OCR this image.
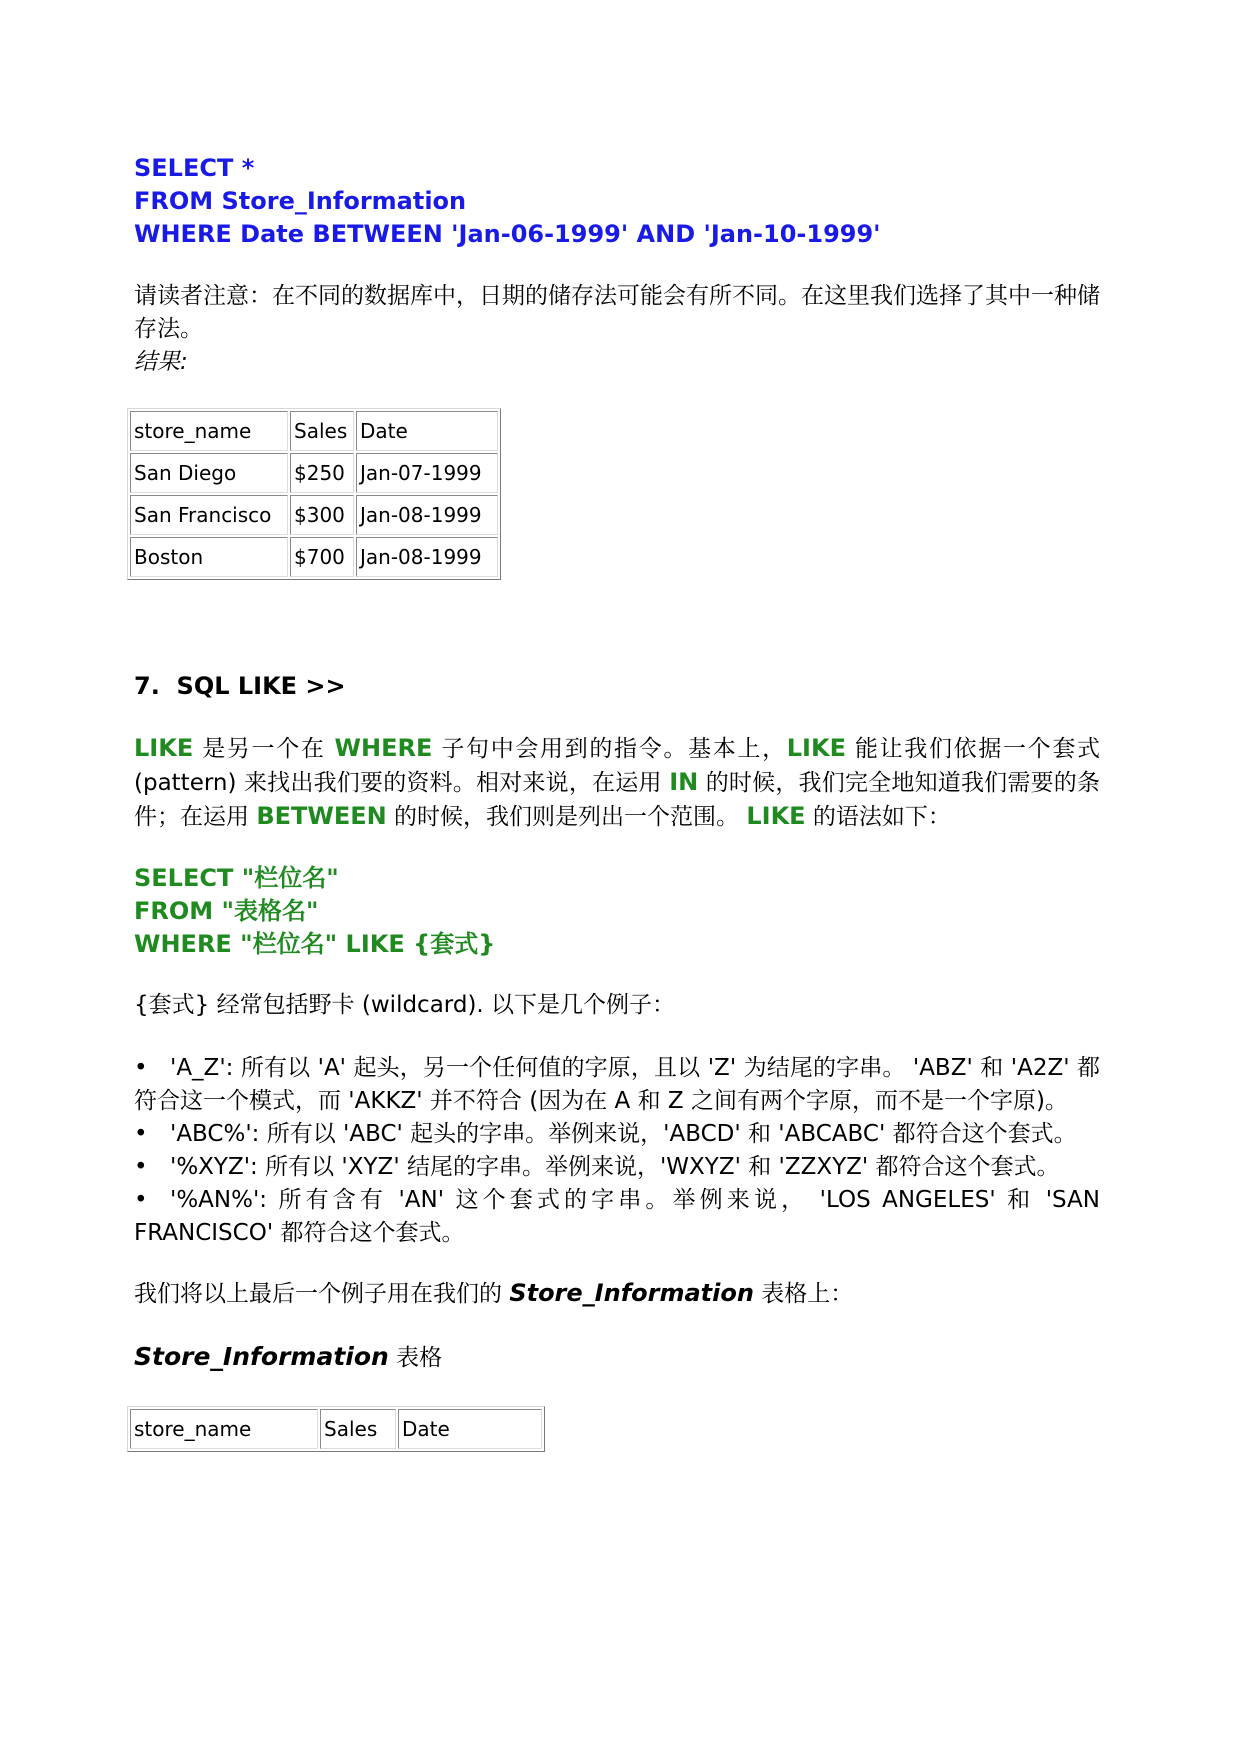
SELECT *
FROM Store_Information
WHERE Date BETWEEN 'Jan-06-1999' AND 'Jan-10-1999'

请读者注意：在不同的数据库中，日期的储存法可能会有所不同。在这里我们选择了其中一种储存法。

结果:

store_name	Sales	Date
San Diego	$250	Jan-07-1999
San Francisco	$300	Jan-08-1999
Boston	$700	Jan-08-1999
7.  SQL LIKE >>

LIKE 是另一个在 WHERE 子句中会用到的指令。基本上，LIKE 能让我们依据一个套式 (pattern) 来找出我们要的资料。相对来说，在运用 IN 的时候，我们完全地知道我们需要的条件；在运用 BETWEEN 的时候，我们则是列出一个范围。 LIKE 的语法如下：

SELECT "栏位名"
FROM "表格名"
WHERE "栏位名" LIKE {套式}

{套式} 经常包括野卡 (wildcard). 以下是几个例子：

• 'A_Z': 所有以 'A' 起头，另一个任何值的字原，且以 'Z' 为结尾的字串。 'ABZ' 和 'A2Z' 都符合这一个模式，而 'AKKZ' 并不符合 (因为在 A 和 Z 之间有两个字原，而不是一个字原)。

• 'ABC%': 所有以 'ABC' 起头的字串。举例来说，'ABCD' 和 'ABCABC' 都符合这个套式。

• '%XYZ': 所有以 'XYZ' 结尾的字串。举例来说，'WXYZ' 和 'ZZXYZ' 都符合这个套式。

• '%AN%': 所有含有 'AN' 这个套式的字串。举例来说， 'LOS ANGELES' 和 'SAN FRANCISCO' 都符合这个套式。

我们将以上最后一个例子用在我们的 Store_Information 表格上：

Store_Information 表格
store_name	Sales	Date
